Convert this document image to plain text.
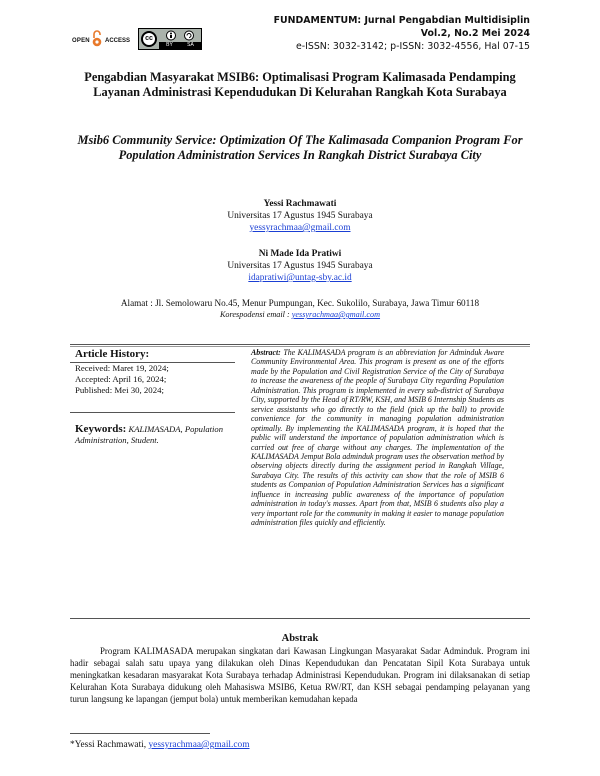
OPEN	ACCESS	cc
BY	SA
FUNDAMENTUM: Jurnal Pengabdian Multidisiplin
Vol.2, No.2 Mei 2024
e-ISSN: 3032-3142; p-ISSN: 3032-4556, Hal 07-15
Pengabdian Masyarakat MSIB6: Optimalisasi Program Kalimasada Pendamping Layanan Administrasi Kependudukan Di Kelurahan Rangkah Kota Surabaya
Msib6 Community Service: Optimization Of The Kalimasada Companion Program For Population Administration Services In Rangkah District Surabaya City
Yessi Rachmawati
Universitas 17 Agustus 1945 Surabaya
yessyrachmaa@gmail.com
Ni Made Ida Pratiwi
Universitas 17 Agustus 1945 Surabaya
idapratiwi@untag-sby.ac.id
Alamat : Jl. Semolowaru No.45, Menur Pumpungan, Kec. Sukolilo, Surabaya, Jawa Timur 60118
Korespodensi email : yessyrachmaa@gmail.com
Article History:
Received: Maret 19, 2024;
Accepted: April 16, 2024;
Published: Mei 30, 2024;
Keywords: KALIMASADA, Population Administration, Student.
Abstract: The KALIMASADA program is an abbreviation for Adminduk Aware Community Environmental Area. This program is present as one of the efforts made by the Population and Civil Registration Service of the City of Surabaya to increase the awareness of the people of Surabaya City regarding Population Administration. This program is implemented in every sub-district of Surabaya City, supported by the Head of RT/RW, KSH, and MSIB 6 Internship Students as service assistants who go directly to the field (pick up the ball) to provide convenience for the community in managing population administration optimally. By implementing the KALIMASADA program, it is hoped that the public will understand the importance of population administration which is carried out free of charge without any charges. The implementation of the KALIMASADA Jemput Bola adminduk program uses the observation method by observing objects directly during the assignment period in Rangkah Village, Surabaya City. The results of this activity can show that the role of MSIB 6 students as Companion of Population Administration Services has a significant influence in increasing public awareness of the importance of population administration in today's masses. Apart from that, MSIB 6 students also play a very important role for the community in making it easier to manage population administration files quickly and efficiently.
Abstrak
Program KALIMASADA merupakan singkatan dari Kawasan Lingkungan Masyarakat Sadar Adminduk. Program ini hadir sebagai salah satu upaya yang dilakukan oleh Dinas Kependudukan dan Pencatatan Sipil Kota Surabaya untuk meningkatkan kesadaran masyarakat Kota Surabaya terhadap Administrasi Kependudukan. Program ini dilaksanakan di setiap Kelurahan Kota Surabaya didukung oleh Mahasiswa MSIB6, Ketua RW/RT, dan KSH sebagai pendamping pelayanan yang turun langsung ke lapangan (jemput bola) untuk memberikan kemudahan kepada
*Yessi Rachmawati, yessyrachmaa@gmail.com
